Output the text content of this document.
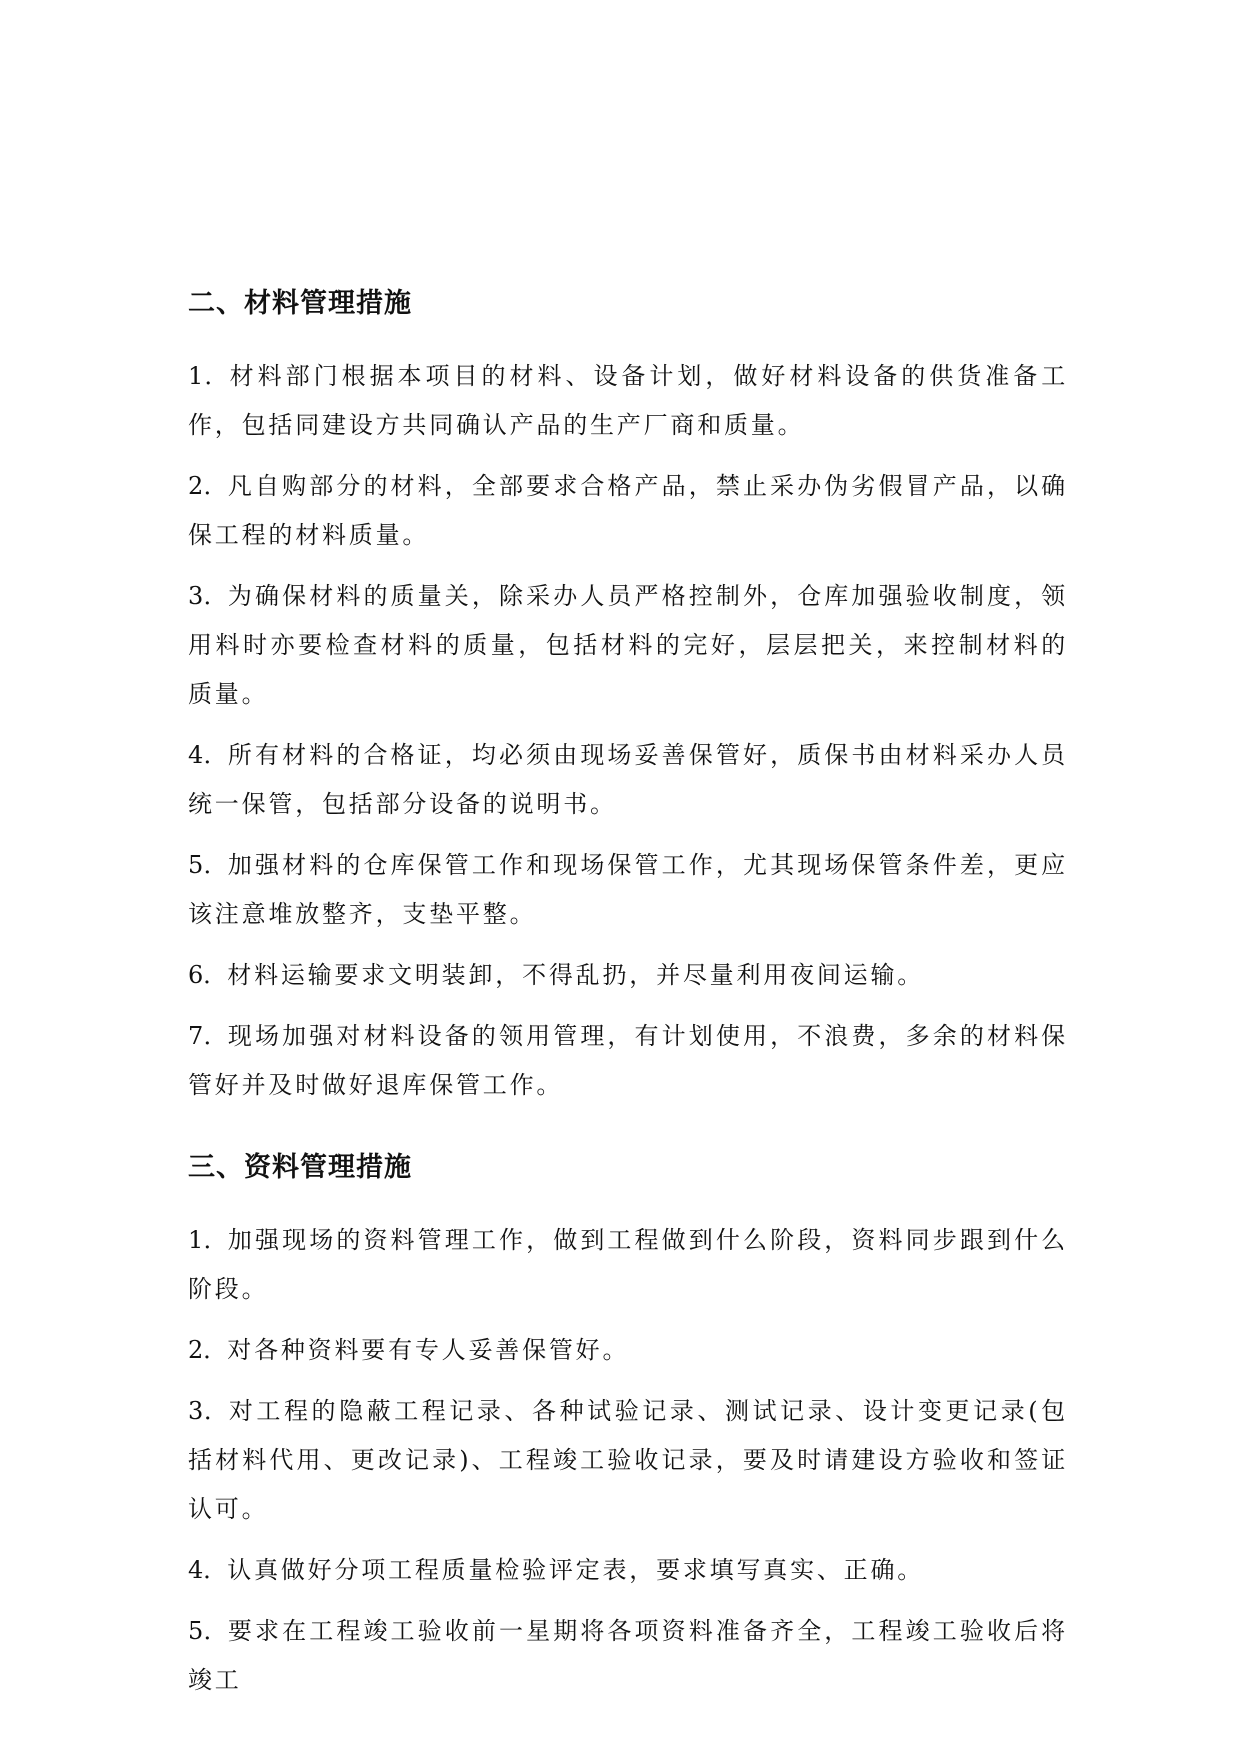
二、材料管理措施

1．材料部门根据本项目的材料、设备计划，做好材料设备的供货准备工作，包括同建设方共同确认产品的生产厂商和质量。

2．凡自购部分的材料，全部要求合格产品，禁止采办伪劣假冒产品，以确保工程的材料质量。

3．为确保材料的质量关，除采办人员严格控制外，仓库加强验收制度，领用料时亦要检查材料的质量，包括材料的完好，层层把关，来控制材料的质量。

4．所有材料的合格证，均必须由现场妥善保管好，质保书由材料采办人员统一保管，包括部分设备的说明书。

5．加强材料的仓库保管工作和现场保管工作，尤其现场保管条件差，更应该注意堆放整齐，支垫平整。

6．材料运输要求文明装卸，不得乱扔，并尽量利用夜间运输。

7．现场加强对材料设备的领用管理，有计划使用，不浪费，多余的材料保管好并及时做好退库保管工作。

三、资料管理措施

1．加强现场的资料管理工作，做到工程做到什么阶段，资料同步跟到什么阶段。

2．对各种资料要有专人妥善保管好。

3．对工程的隐蔽工程记录、各种试验记录、测试记录、设计变更记录(包括材料代用、更改记录)、工程竣工验收记录，要及时请建设方验收和签证认可。

4．认真做好分项工程质量检验评定表，要求填写真实、正确。

5．要求在工程竣工验收前一星期将各项资料准备齐全，工程竣工验收后将竣工
